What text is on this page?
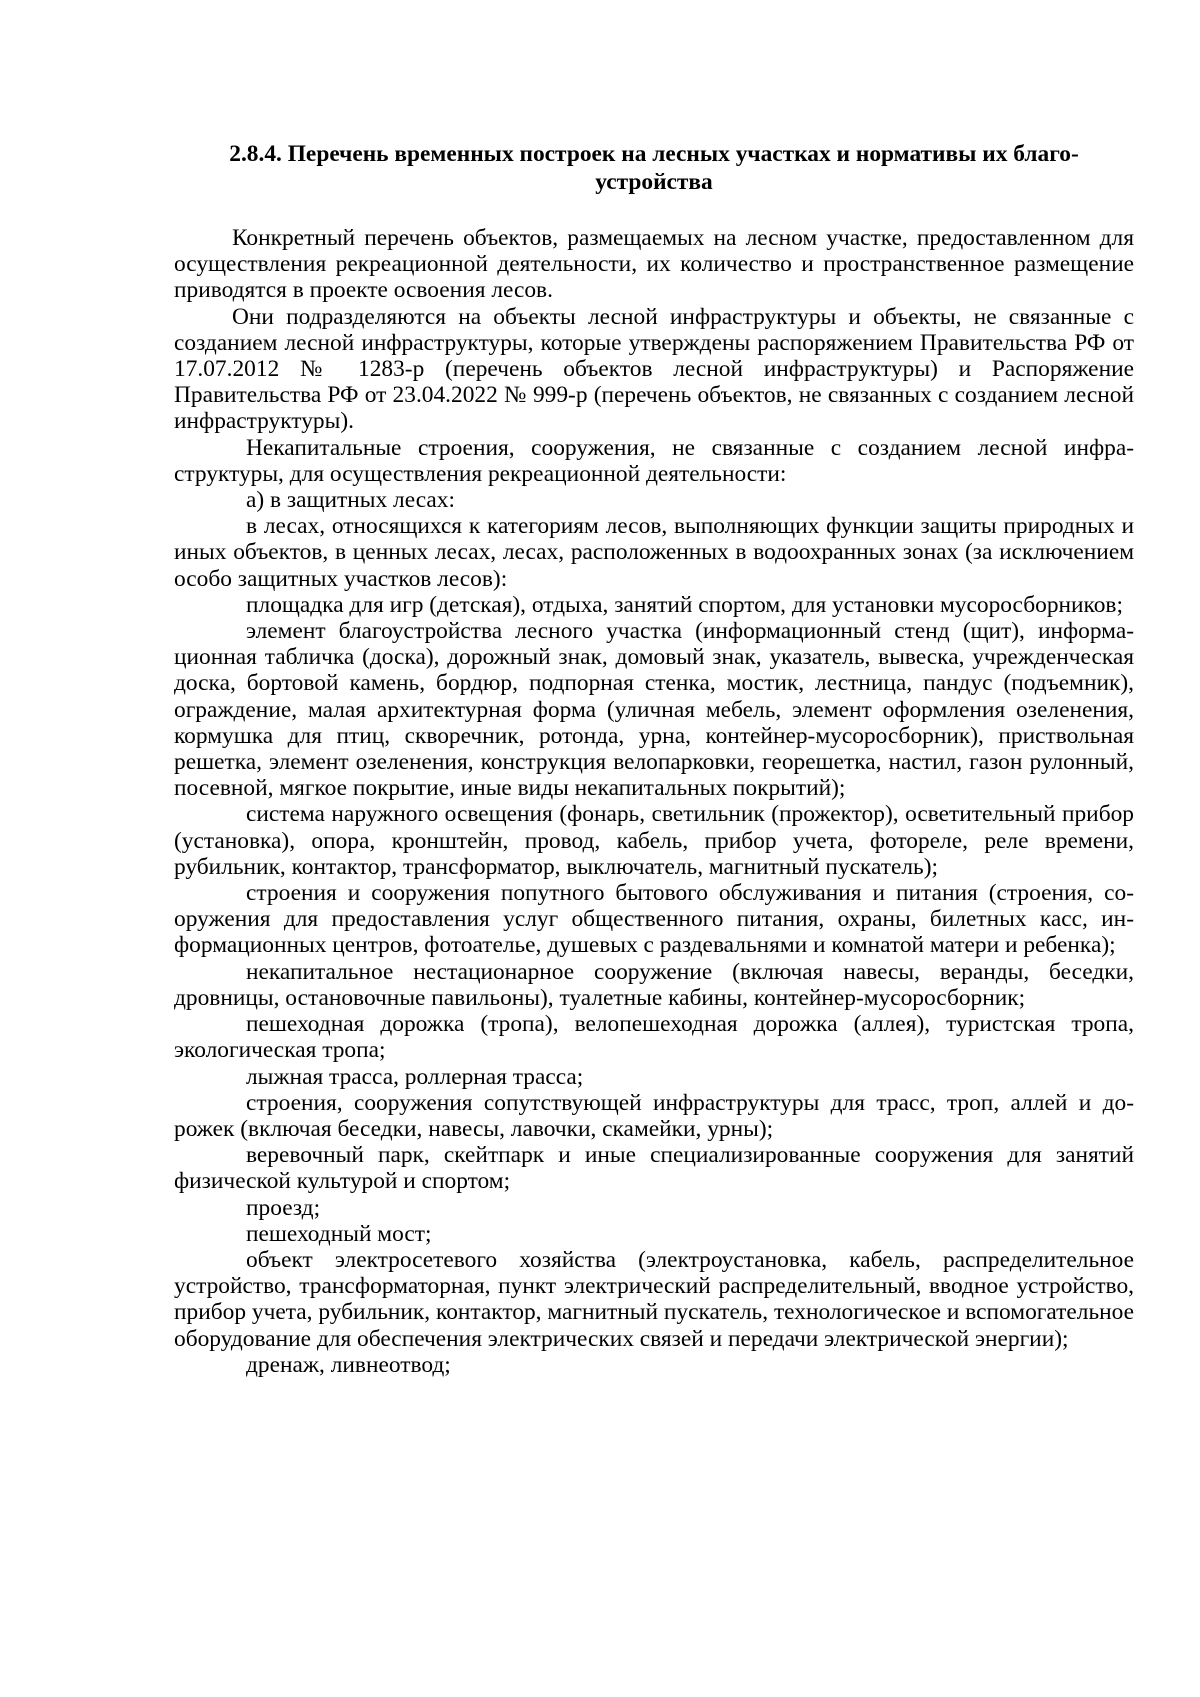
2.8.4. Перечень временных построек на лесных участках и нормативы их благоустройства
Конкретный перечень объектов, размещаемых на лесном участке, предоставленном для осуществления рекреационной деятельности, их количество и пространственное размещение приводятся в проекте освоения лесов.
Они подразделяются на объекты лесной инфраструктуры и объекты, не связанные с созданием лесной инфраструктуры, которые утверждены распоряжением Правительства РФ от 17.07.2012 № 1283-р (перечень объектов лесной инфраструктуры) и Распоряжение Правительства РФ от 23.04.2022 № 999-р (перечень объектов, не связанных с созданием лесной инфраструктуры).
Некапитальные строения, сооружения, не связанные с созданием лесной инфраструктуры, для осуществления рекреационной деятельности:
а) в защитных лесах:
в лесах, относящихся к категориям лесов, выполняющих функции защиты природных и иных объектов, в ценных лесах, лесах, расположенных в водоохранных зонах (за исключением особо защитных участков лесов):
площадка для игр (детская), отдыха, занятий спортом, для установки мусоросборников;
элемент благоустройства лесного участка (информационный стенд (щит), информационная табличка (доска), дорожный знак, домовый знак, указатель, вывеска, учрежденческая доска, бортовой камень, бордюр, подпорная стенка, мостик, лестница, пандус (подъемник), ограждение, малая архитектурная форма (уличная мебель, элемент оформления озеленения, кормушка для птиц, скворечник, ротонда, урна, контейнер-мусоросборник), приствольная решетка, элемент озеленения, конструкция велопарковки, георешетка, настил, газон рулонный, посевной, мягкое покрытие, иные виды некапитальных покрытий);
система наружного освещения (фонарь, светильник (прожектор), осветительный прибор (установка), опора, кронштейн, провод, кабель, прибор учета, фотореле, реле времени, рубильник, контактор, трансформатор, выключатель, магнитный пускатель);
строения и сооружения попутного бытового обслуживания и питания (строения, сооружения для предоставления услуг общественного питания, охраны, билетных касс, информационных центров, фотоателье, душевых с раздевальнями и комнатой матери и ребенка);
некапитальное нестационарное сооружение (включая навесы, веранды, беседки, дровницы, остановочные павильоны), туалетные кабины, контейнер-мусоросборник;
пешеходная дорожка (тропа), велопешеходная дорожка (аллея), туристская тропа, экологическая тропа;
лыжная трасса, роллерная трасса;
строения, сооружения сопутствующей инфраструктуры для трасс, троп, аллей и дорожек (включая беседки, навесы, лавочки, скамейки, урны);
веревочный парк, скейтпарк и иные специализированные сооружения для занятий физической культурой и спортом;
проезд;
пешеходный мост;
объект электросетевого хозяйства (электроустановка, кабель, распределительное устройство, трансформаторная, пункт электрический распределительный, вводное устройство, прибор учета, рубильник, контактор, магнитный пускатель, технологическое и вспомогательное оборудование для обеспечения электрических связей и передачи электрической энергии);
дренаж, ливнеотвод;
